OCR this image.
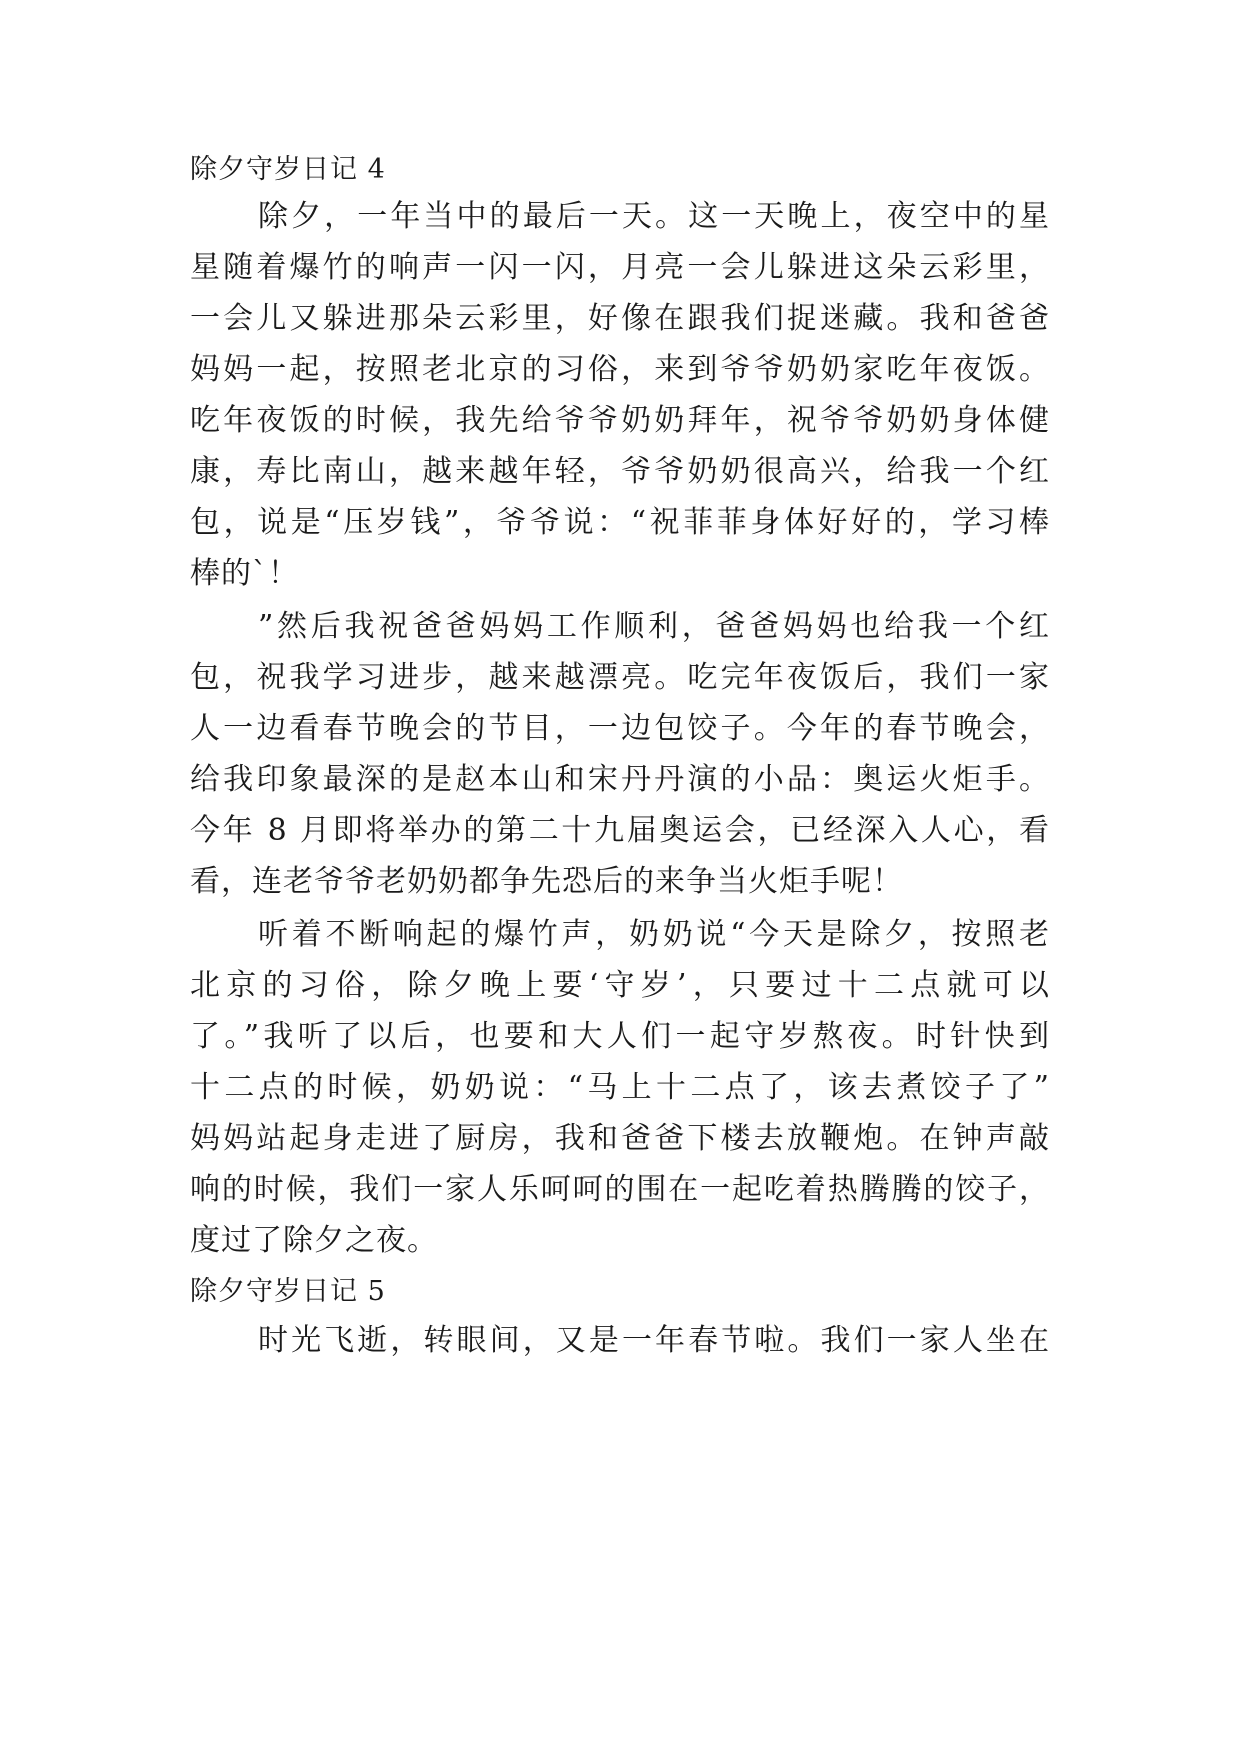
除夕守岁日记 4
除夕，一年当中的最后一天。这一天晚上，夜空中的星
星随着爆竹的响声一闪一闪，月亮一会儿躲进这朵云彩里，
一会儿又躲进那朵云彩里，好像在跟我们捉迷藏。我和爸爸
妈妈一起，按照老北京的习俗，来到爷爷奶奶家吃年夜饭。
吃年夜饭的时候，我先给爷爷奶奶拜年，祝爷爷奶奶身体健
康，寿比南山，越来越年轻，爷爷奶奶很高兴，给我一个红
包，说是“压岁钱”，爷爷说：“祝菲菲身体好好的，学习棒
棒的`！
”然后我祝爸爸妈妈工作顺利，爸爸妈妈也给我一个红
包，祝我学习进步，越来越漂亮。吃完年夜饭后，我们一家
人一边看春节晚会的节目，一边包饺子。今年的春节晚会，
给我印象最深的是赵本山和宋丹丹演的小品：奥运火炬手。
今年 8 月即将举办的第二十九届奥运会，已经深入人心，看
看，连老爷爷老奶奶都争先恐后的来争当火炬手呢！
听着不断响起的爆竹声，奶奶说“今天是除夕，按照老
北京的习俗，除夕晚上要‘守岁’，只要过十二点就可以
了。”我听了以后，也要和大人们一起守岁熬夜。时针快到
十二点的时候，奶奶说：“马上十二点了，该去煮饺子了”
妈妈站起身走进了厨房，我和爸爸下楼去放鞭炮。在钟声敲
响的时候，我们一家人乐呵呵的围在一起吃着热腾腾的饺子，
度过了除夕之夜。
除夕守岁日记 5
时光飞逝，转眼间，又是一年春节啦。我们一家人坐在
